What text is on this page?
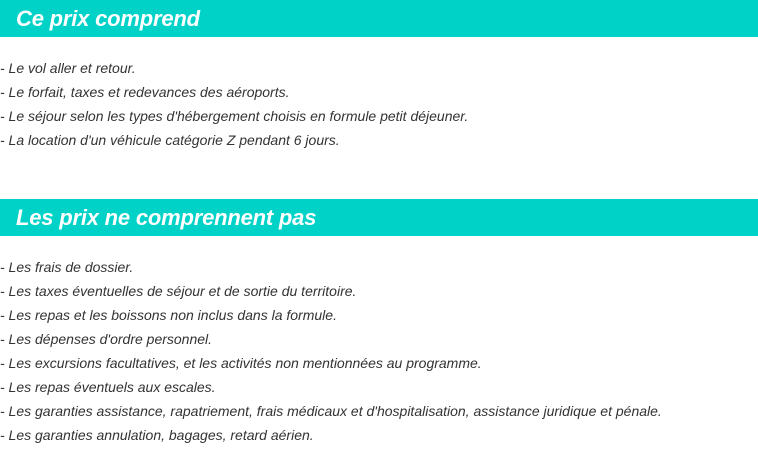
Ce prix comprend
- Le vol aller et retour.
- Le forfait, taxes et redevances des aéroports.
- Le séjour selon les types d'hébergement choisis en formule petit déjeuner.
- La location d'un véhicule catégorie Z pendant 6 jours.
Les prix ne comprennent pas
- Les frais de dossier.
- Les taxes éventuelles de séjour et de sortie du territoire.
- Les repas et les boissons non inclus dans la formule.
- Les dépenses d'ordre personnel.
- Les excursions facultatives, et les activités non mentionnées au programme.
- Les repas éventuels aux escales.
- Les garanties assistance, rapatriement, frais médicaux et d'hospitalisation, assistance juridique et pénale.
- Les garanties annulation, bagages, retard aérien.
